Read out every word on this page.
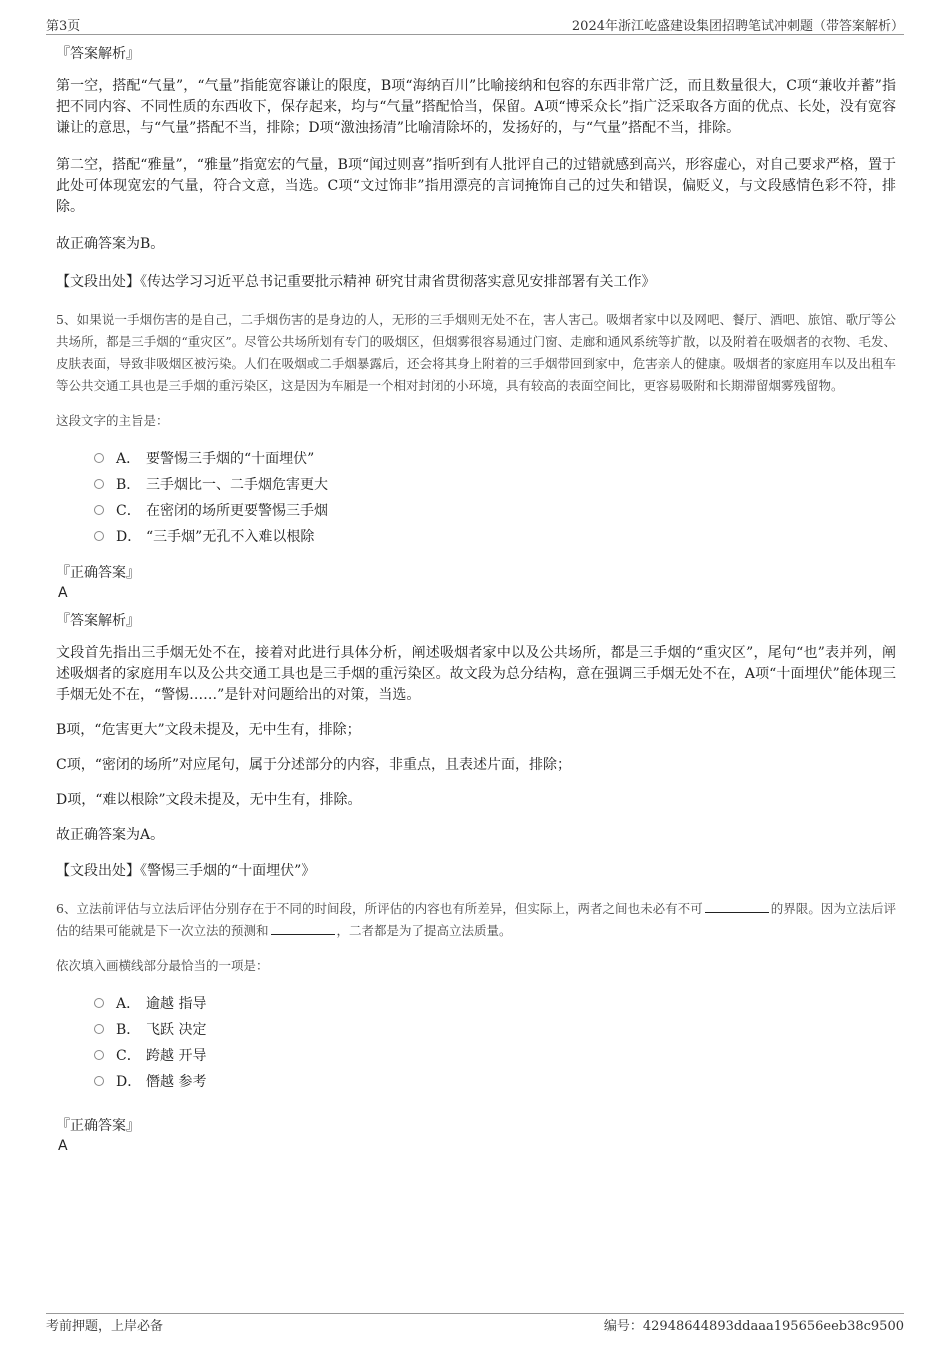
第3页	2024年浙江屹盛建设集团招聘笔试冲刺题（带答案解析）

『答案解析』

第一空，搭配“气量”，“气量”指能宽容谦让的限度，B项“海纳百川”比喻接纳和包容的东西非常广泛，而且数量很大，C项“兼收并蓄”指把不同内容、不同性质的东西收下，保存起来，均与“气量”搭配恰当，保留。A项“博采众长”指广泛采取各方面的优点、长处，没有宽容谦让的意思，与“气量”搭配不当，排除；D项“激浊扬清”比喻清除坏的，发扬好的，与“气量”搭配不当，排除。

第二空，搭配“雅量”，“雅量”指宽宏的气量，B项“闻过则喜”指听到有人批评自己的过错就感到高兴，形容虚心，对自己要求严格，置于此处可体现宽宏的气量，符合文意，当选。C项“文过饰非”指用漂亮的言词掩饰自己的过失和错误，偏贬义，与文段感情色彩不符，排除。

故正确答案为B。

【文段出处】《传达学习习近平总书记重要批示精神 研究甘肃省贯彻落实意见安排部署有关工作》

5、如果说一手烟伤害的是自己，二手烟伤害的是身边的人，无形的三手烟则无处不在，害人害己。吸烟者家中以及网吧、餐厅、酒吧、旅馆、歌厅等公共场所，都是三手烟的“重灾区”。尽管公共场所划有专门的吸烟区，但烟雾很容易通过门窗、走廊和通风系统等扩散，以及附着在吸烟者的衣物、毛发、皮肤表面，导致非吸烟区被污染。人们在吸烟或二手烟暴露后，还会将其身上附着的三手烟带回到家中，危害亲人的健康。吸烟者的家庭用车以及出租车等公共交通工具也是三手烟的重污染区，这是因为车厢是一个相对封闭的小环境，具有较高的表面空间比，更容易吸附和长期滞留烟雾残留物。

这段文字的主旨是：

A． 要警惕三手烟的“十面埋伏”
B． 三手烟比一、二手烟危害更大
C． 在密闭的场所更要警惕三手烟
D． “三手烟”无孔不入难以根除

『正确答案』

A

『答案解析』

文段首先指出三手烟无处不在，接着对此进行具体分析，阐述吸烟者家中以及公共场所，都是三手烟的“重灾区”，尾句“也”表并列，阐述吸烟者的家庭用车以及公共交通工具也是三手烟的重污染区。故文段为总分结构，意在强调三手烟无处不在，A项“十面埋伏”能体现三手烟无处不在，“警惕……”是针对问题给出的对策，当选。

B项，“危害更大”文段未提及，无中生有，排除；

C项，“密闭的场所”对应尾句，属于分述部分的内容，非重点，且表述片面，排除；

D项，“难以根除”文段未提及，无中生有，排除。

故正确答案为A。

【文段出处】《警惕三手烟的“十面埋伏”》

6、立法前评估与立法后评估分别存在于不同的时间段，所评估的内容也有所差异，但实际上，两者之间也未必有不可	的界限。因为立法后评估的结果可能就是下一次立法的预测和	，二者都是为了提高立法质量。

依次填入画横线部分最恰当的一项是：

A． 逾越 指导
B． 飞跃 决定
C． 跨越 开导
D． 僭越 参考

『正确答案』

A

考前押题，上岸必备	编号：42948644893ddaaa195656eeb38c9500
